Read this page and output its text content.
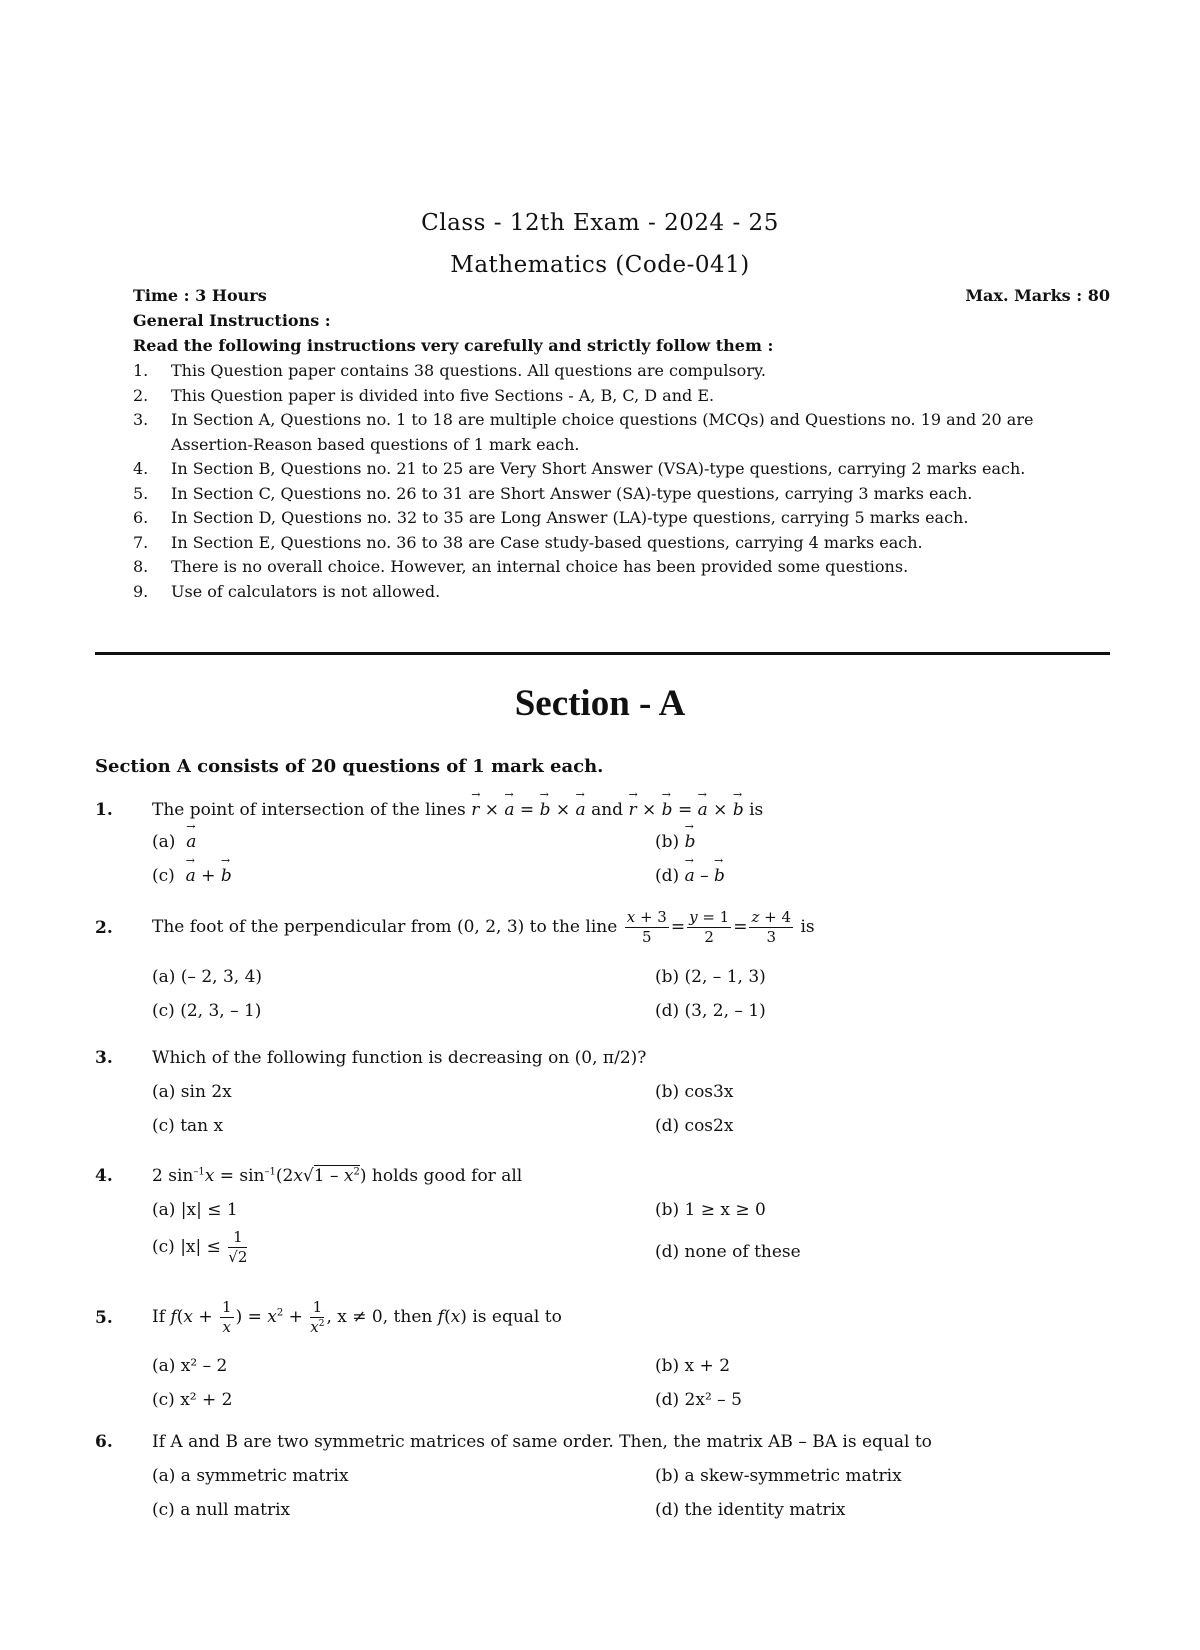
Class - 12th Exam - 2024 - 25
Mathematics (Code-041)
Time : 3 Hours	Max. Marks : 80
General Instructions :
Read the following instructions very carefully and strictly follow them :
1. This Question paper contains 38 questions. All questions are compulsory.
2. This Question paper is divided into five Sections - A, B, C, D and E.
3. In Section A, Questions no. 1 to 18 are multiple choice questions (MCQs) and Questions no. 19 and 20 are Assertion-Reason based questions of 1 mark each.
4. In Section B, Questions no. 21 to 25 are Very Short Answer (VSA)-type questions, carrying 2 marks each.
5. In Section C, Questions no. 26 to 31 are Short Answer (SA)-type questions, carrying 3 marks each.
6. In Section D, Questions no. 32 to 35 are Long Answer (LA)-type questions, carrying 5 marks each.
7. In Section E, Questions no. 36 to 38 are Case study-based questions, carrying 4 marks each.
8. There is no overall choice. However, an internal choice has been provided some questions.
9. Use of calculators is not allowed.
Section - A
Section A consists of 20 questions of 1 mark each.
1. The point of intersection of the lines → r × → a = → b × → a and → r × → b = → a × → b is
(a) → a	(b) → b
(c) → a + → b	(d) → a – → b
2. The foot of the perpendicular from (0, 2, 3) to the line $\frac{x + 3}{5} = \frac{y = 1}{2} = \frac{z + 4}{3}$ is
(a) (– 2, 3, 4)	(b) (2, – 1, 3)
(c) (2, 3, – 1)	(d) (3, 2, – 1)
3. Which of the following function is decreasing on (0, π/2)?
(a) sin 2x	(b) cos3x
(c) tan x	(d) cos2x
4. 2 $\sin^{-1}x = \sin^{-1}(2x√1 - x^2)$ holds good for all
(a) |x| ≤ 1	(b) 1 ≥ x ≥ 0
(c) $|x| \le \frac{1}{√2}$	(d) none of these
5. If $f(x + \frac{1}{x}$ ) = $x^2 + \frac{1}{x^2}$ , x ≠ 0, then f(x) is equal to
(a) x² – 2	(b) x + 2
(c) x² + 2	(d) 2x² – 5
6. If A and B are two symmetric matrices of same order. Then, the matrix AB – BA is equal to
(a) a symmetric matrix	(b) a skew-symmetric matrix
(c) a null matrix	(d) the identity matrix
